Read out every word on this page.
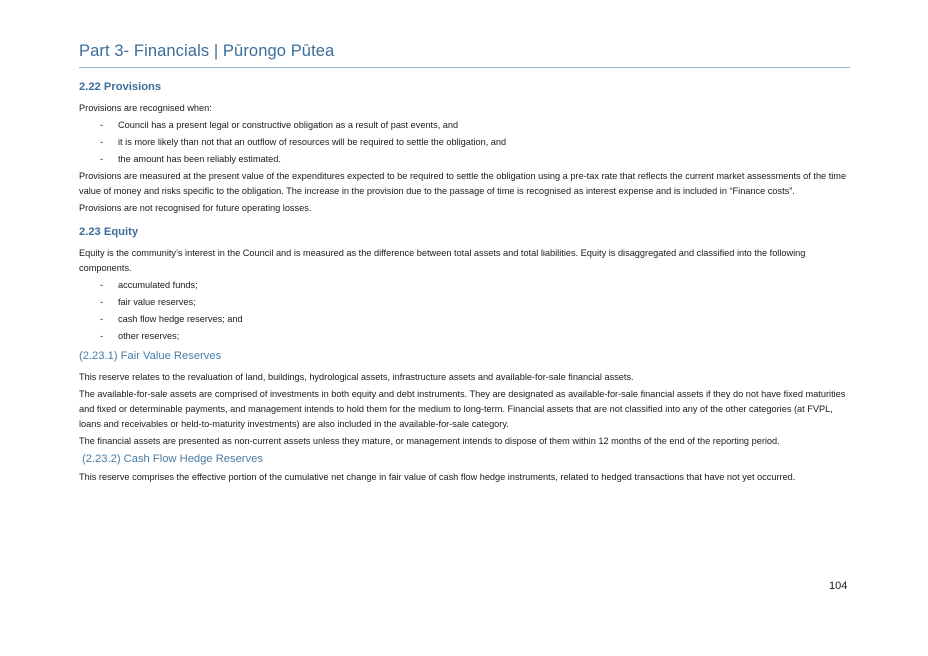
Part 3- Financials | Pūrongo Pūtea
2.22 Provisions

Provisions are recognised when:

- Council has a present legal or constructive obligation as a result of past events, and
- it is more likely than not that an outflow of resources will be required to settle the obligation, and
- the amount has been reliably estimated.

Provisions are measured at the present value of the expenditures expected to be required to settle the obligation using a pre-tax rate that reflects the current market assessments of the time value of money and risks specific to the obligation. The increase in the provision due to the passage of time is recognised as interest expense and is included in “Finance costs”.

Provisions are not recognised for future operating losses.

2.23 Equity

Equity is the community’s interest in the Council and is measured as the difference between total assets and total liabilities. Equity is disaggregated and classified into the following components.

- accumulated funds;
- fair value reserves;
- cash flow hedge reserves; and
- other reserves;
(2.23.1) Fair Value Reserves

This reserve relates to the revaluation of land, buildings, hydrological assets, infrastructure assets and available-for-sale financial assets.

The available-for-sale assets are comprised of investments in both equity and debt instruments. They are designated as available-for-sale financial assets if they do not have fixed maturities and fixed or determinable payments, and management intends to hold them for the medium to long-term. Financial assets that are not classified into any of the other categories (at FVPL, loans and receivables or held-to-maturity investments) are also included in the available-for-sale category.

The financial assets are presented as non-current assets unless they mature, or management intends to dispose of them within 12 months of the end of the reporting period.

(2.23.2) Cash Flow Hedge Reserves

This reserve comprises the effective portion of the cumulative net change in fair value of cash flow hedge instruments, related to hedged transactions that have not yet occurred.

104
